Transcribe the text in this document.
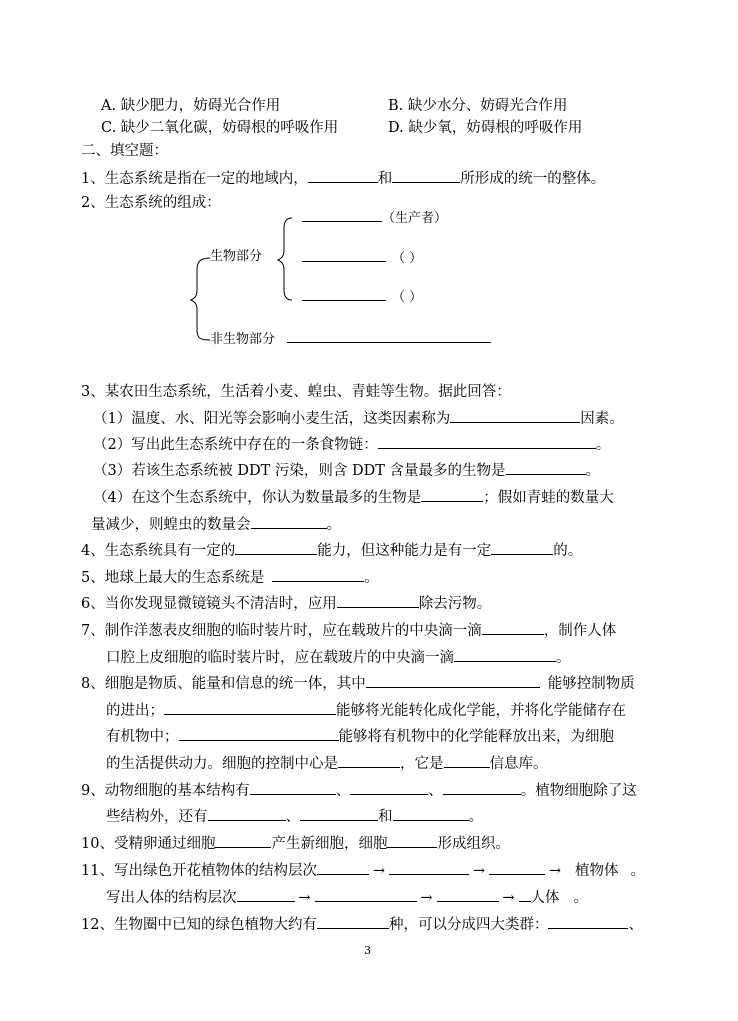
A. 缺少肥力，妨碍光合作用	B. 缺少水分、妨碍光合作用
C. 缺少二氧化碳，妨碍根的呼吸作用	D. 缺少氧，妨碍根的呼吸作用
二、填空题：
1、生态系统是指在一定的地域内，	和	所形成的统一的整体。
2、生态系统的组成：
（生产者）
生物部分	（ ）
（ ）
非生物部分
3、某农田生态系统，生活着小麦、蝗虫、青蛙等生物。据此回答：
（1）温度、水、阳光等会影响小麦生活，这类因素称为	因素。
（2）写出此生态系统中存在的一条食物链：	。
（3）若该生态系统被 DDT 污染，则含 DDT 含量最多的生物是	。
（4）在这个生态系统中，你认为数量最多的生物是	；假如青蛙的数量大
量减少，则蝗虫的数量会	。
4、生态系统具有一定的	能力，但这种能力是有一定	的。
5、地球上最大的生态系统是	。
6、当你发现显微镜镜头不清洁时，应用	除去污物。
7、制作洋葱表皮细胞的临时装片时，应在载玻片的中央滴一滴	，制作人体
口腔上皮细胞的临时装片时，应在载玻片的中央滴一滴	。
8、细胞是物质、能量和信息的统一体，其中	能够控制物质
的进出；	能够将光能转化成化学能，并将化学能储存在
有机物中；	能够将有机物中的化学能释放出来，为细胞
的生活提供动力。细胞的控制中心是	，它是	信息库。
9、动物细胞的基本结构有	、	、	。植物细胞除了这
些结构外，还有	、	和	。
10、受精卵通过细胞	产生新细胞，细胞	形成组织。
11、写出绿色开花植物体的结构层次	→	→	→ 植物体 。
写出人体的结构层次	→	→	→ 人体 。
12、生物圈中已知的绿色植物大约有	种，可以分成四大类群：	、
3
